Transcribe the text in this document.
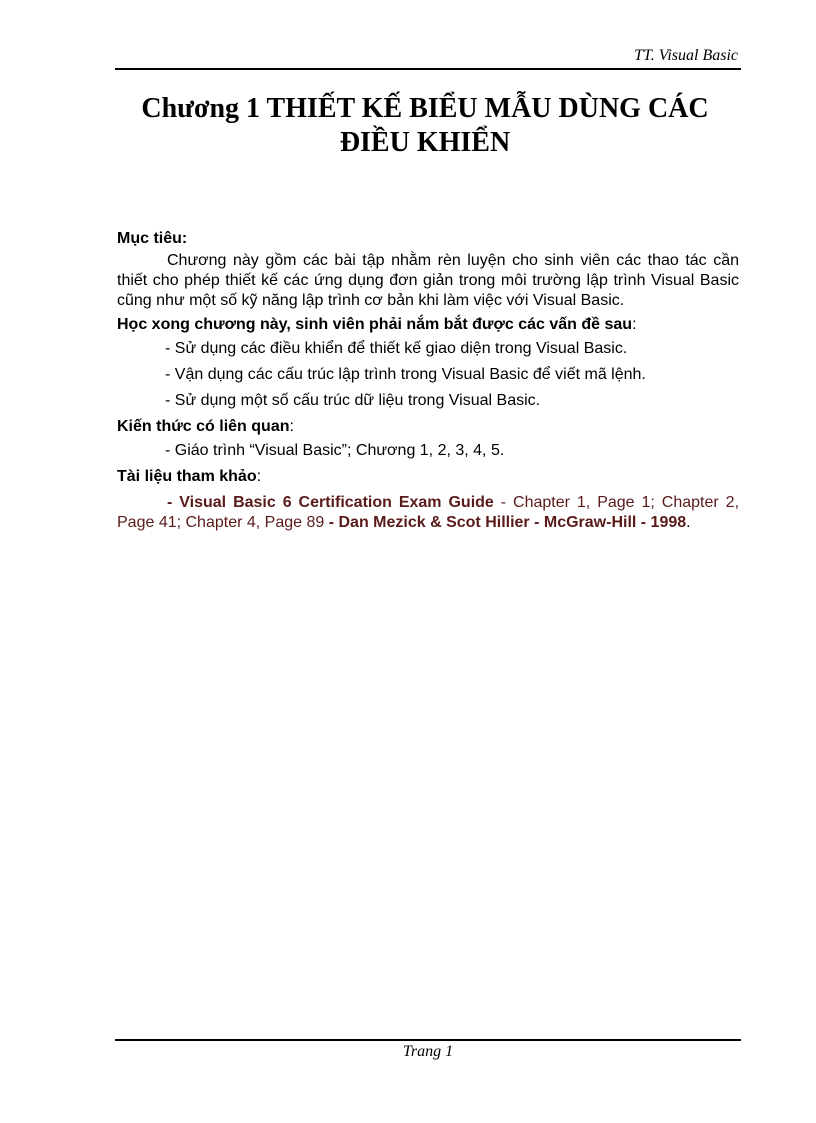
TT. Visual Basic
Chương 1 THIẾT KẾ BIỂU MẪU DÙNG CÁC
ĐIỀU KHIỂN
Mục tiêu:

Chương này gồm các bài tập nhằm rèn luyện cho sinh viên các thao tác cần thiết cho phép thiết kế các ứng dụng đơn giản trong môi trường lập trình Visual Basic cũng như một số kỹ năng lập trình cơ bản khi làm việc với Visual Basic.

Học xong chương này, sinh viên phải nắm bắt được các vấn đề sau:
- Sử dụng các điều khiển để thiết kế giao diện trong Visual Basic.
- Vận dụng các cấu trúc lập trình trong Visual Basic để viết mã lệnh.
- Sử dụng một số cấu trúc dữ liệu trong Visual Basic.
Kiến thức có liên quan:
- Giáo trình “Visual Basic”; Chương 1, 2, 3, 4, 5.
Tài liệu tham khảo:

- Visual Basic 6 Certification Exam Guide - Chapter 1, Page 1; Chapter 2, Page 41; Chapter 4, Page 89 - Dan Mezick & Scot Hillier - McGraw-Hill - 1998.

Trang 1
